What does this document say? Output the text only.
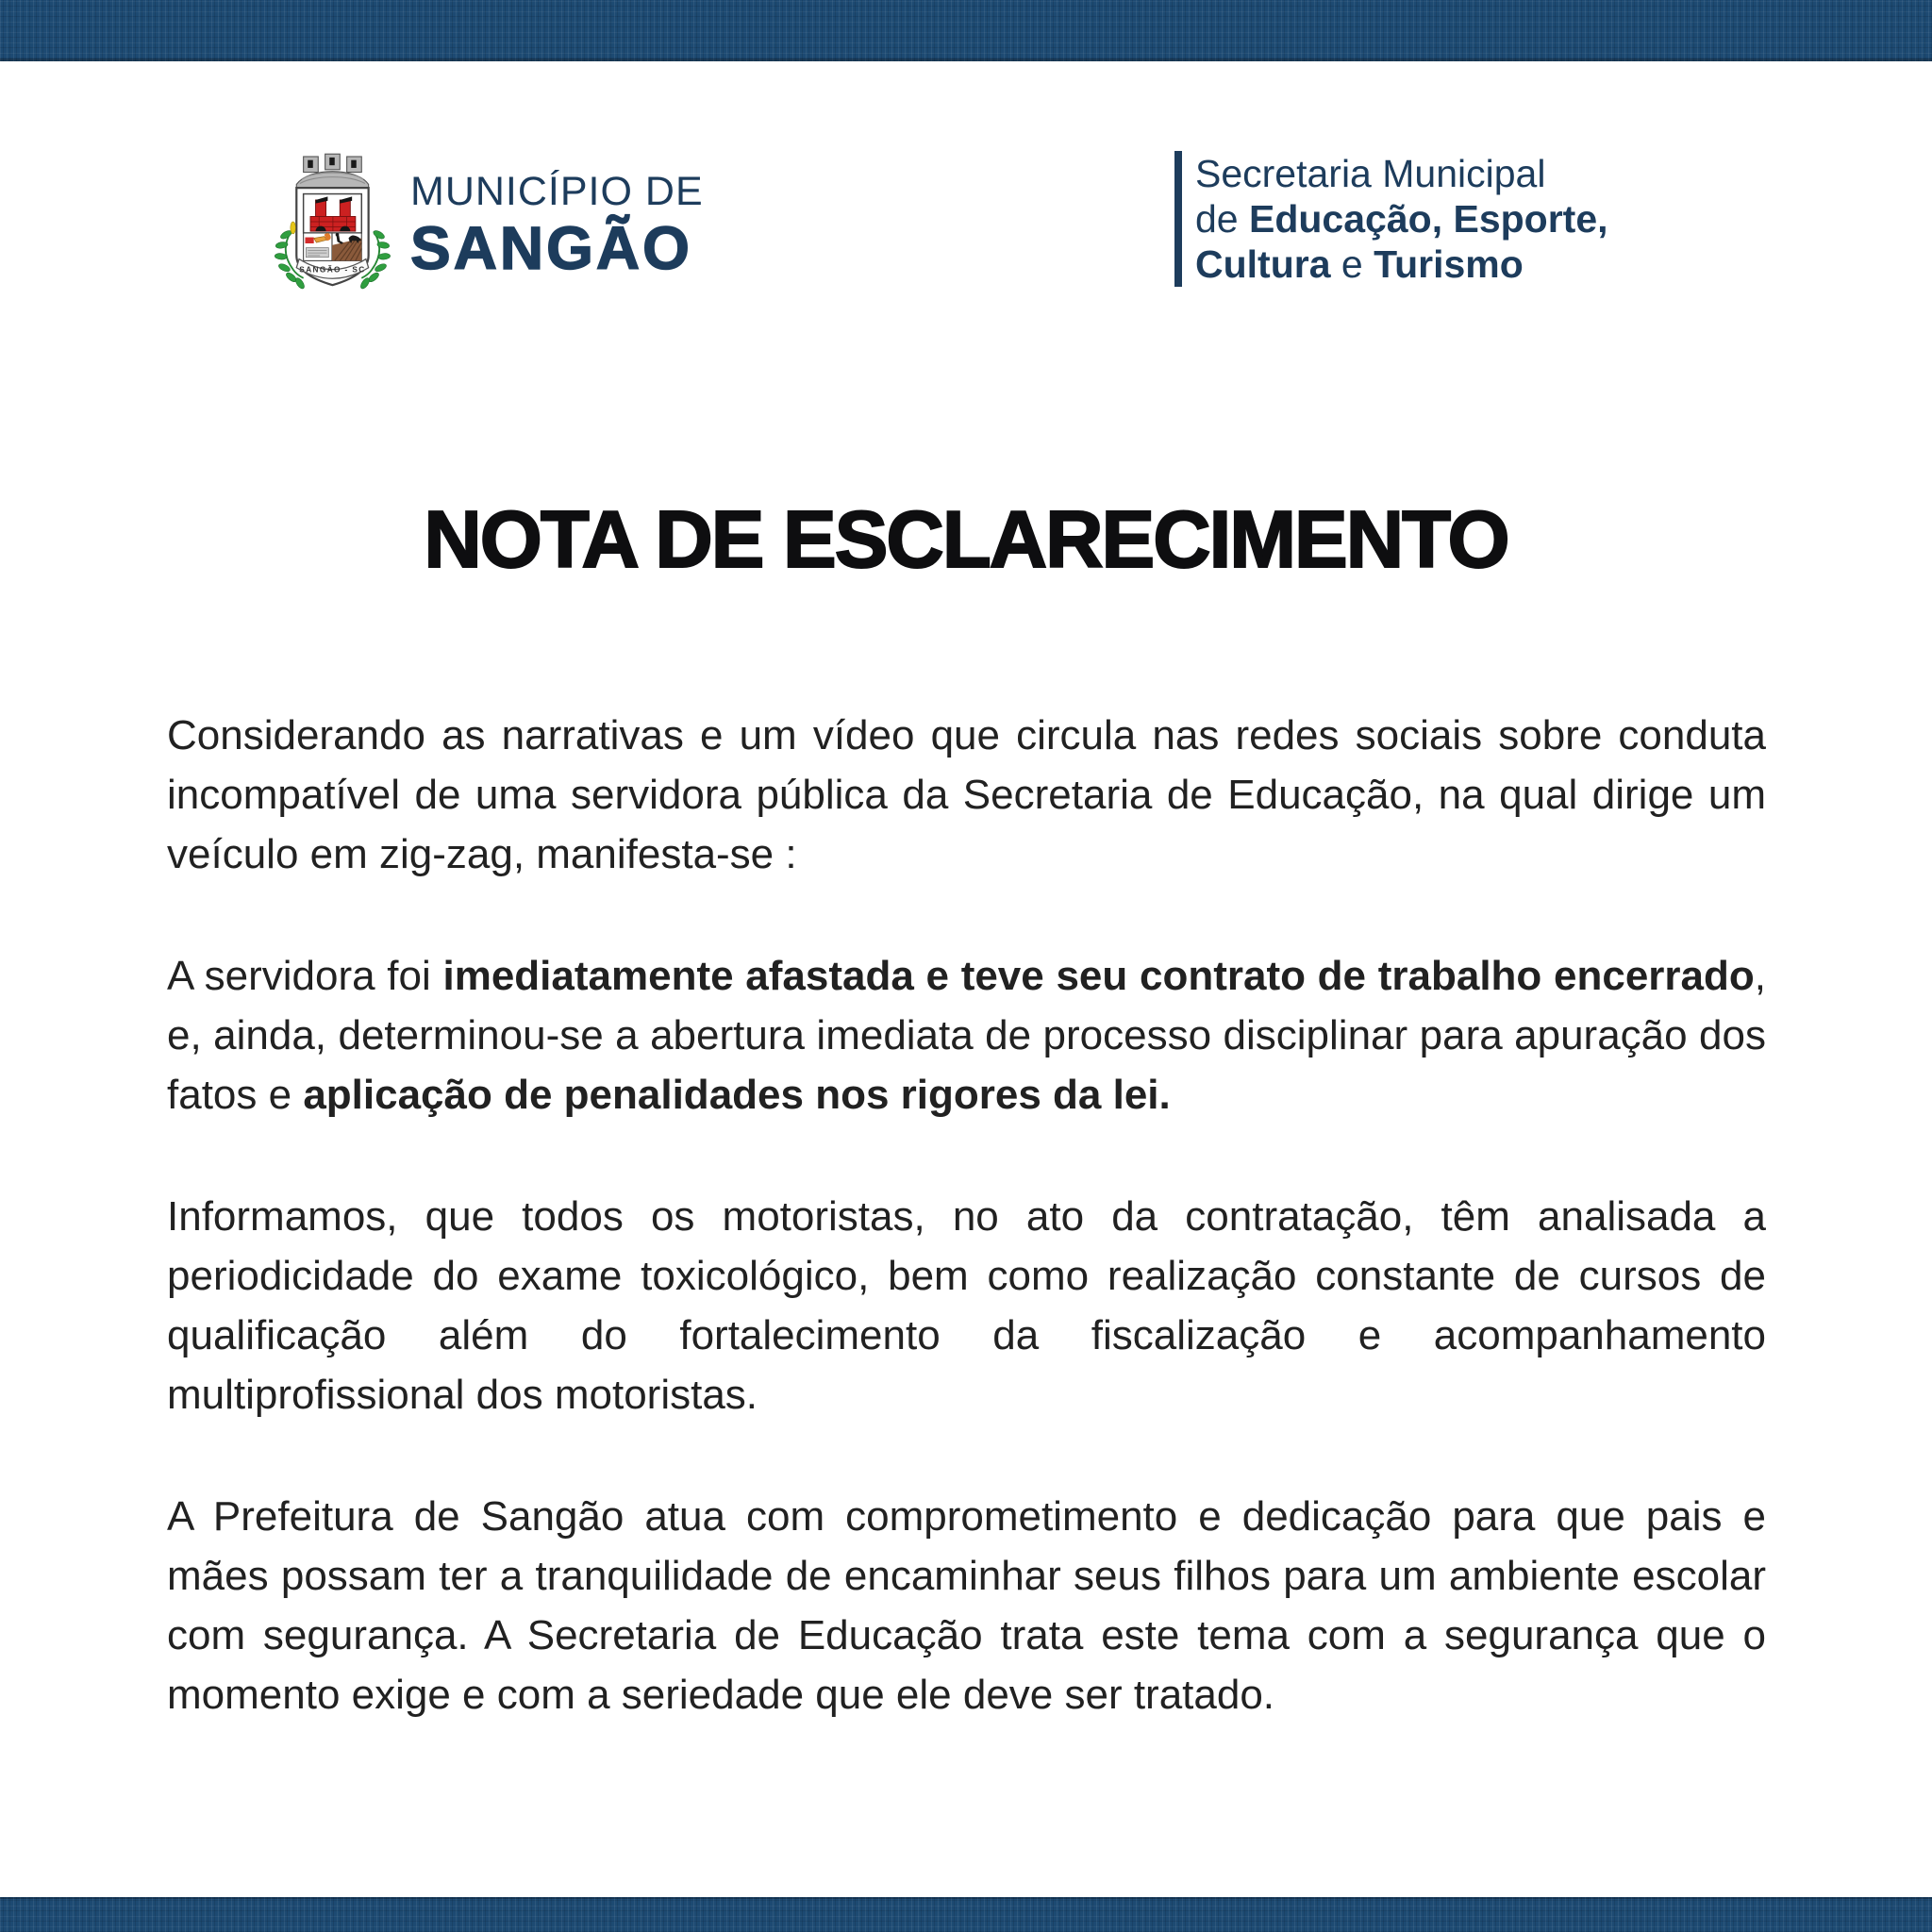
SANGÃO - SC
MUNICÍPIO DE
SANGÃO
Secretaria Municipal
de Educação, Esporte,
Cultura e Turismo
NOTA DE ESCLARECIMENTO

Considerando as narrativas e um vídeo que circula nas redes sociais sobre conduta incompatível de uma servidora pública da Secretaria de Educação, na qual dirige um veículo em zig-zag, manifesta-se :

A servidora foi imediatamente afastada e teve seu contrato de trabalho encerrado, e, ainda, determinou-se a abertura imediata de processo disciplinar para apuração dos fatos e aplicação de penalidades nos rigores da lei.

Informamos, que todos os motoristas, no ato da contratação, têm analisada a periodicidade do exame toxicológico, bem como realização constante de cursos de qualificação além do fortalecimento da fiscalização e acompanhamento multiprofissional dos motoristas.

A Prefeitura de Sangão atua com comprometimento e dedicação para que pais e mães possam ter a tranquilidade de encaminhar seus filhos para um ambiente escolar com segurança. A Secretaria de Educação trata este tema com a segurança que o momento exige e com a seriedade que ele deve ser tratado.
